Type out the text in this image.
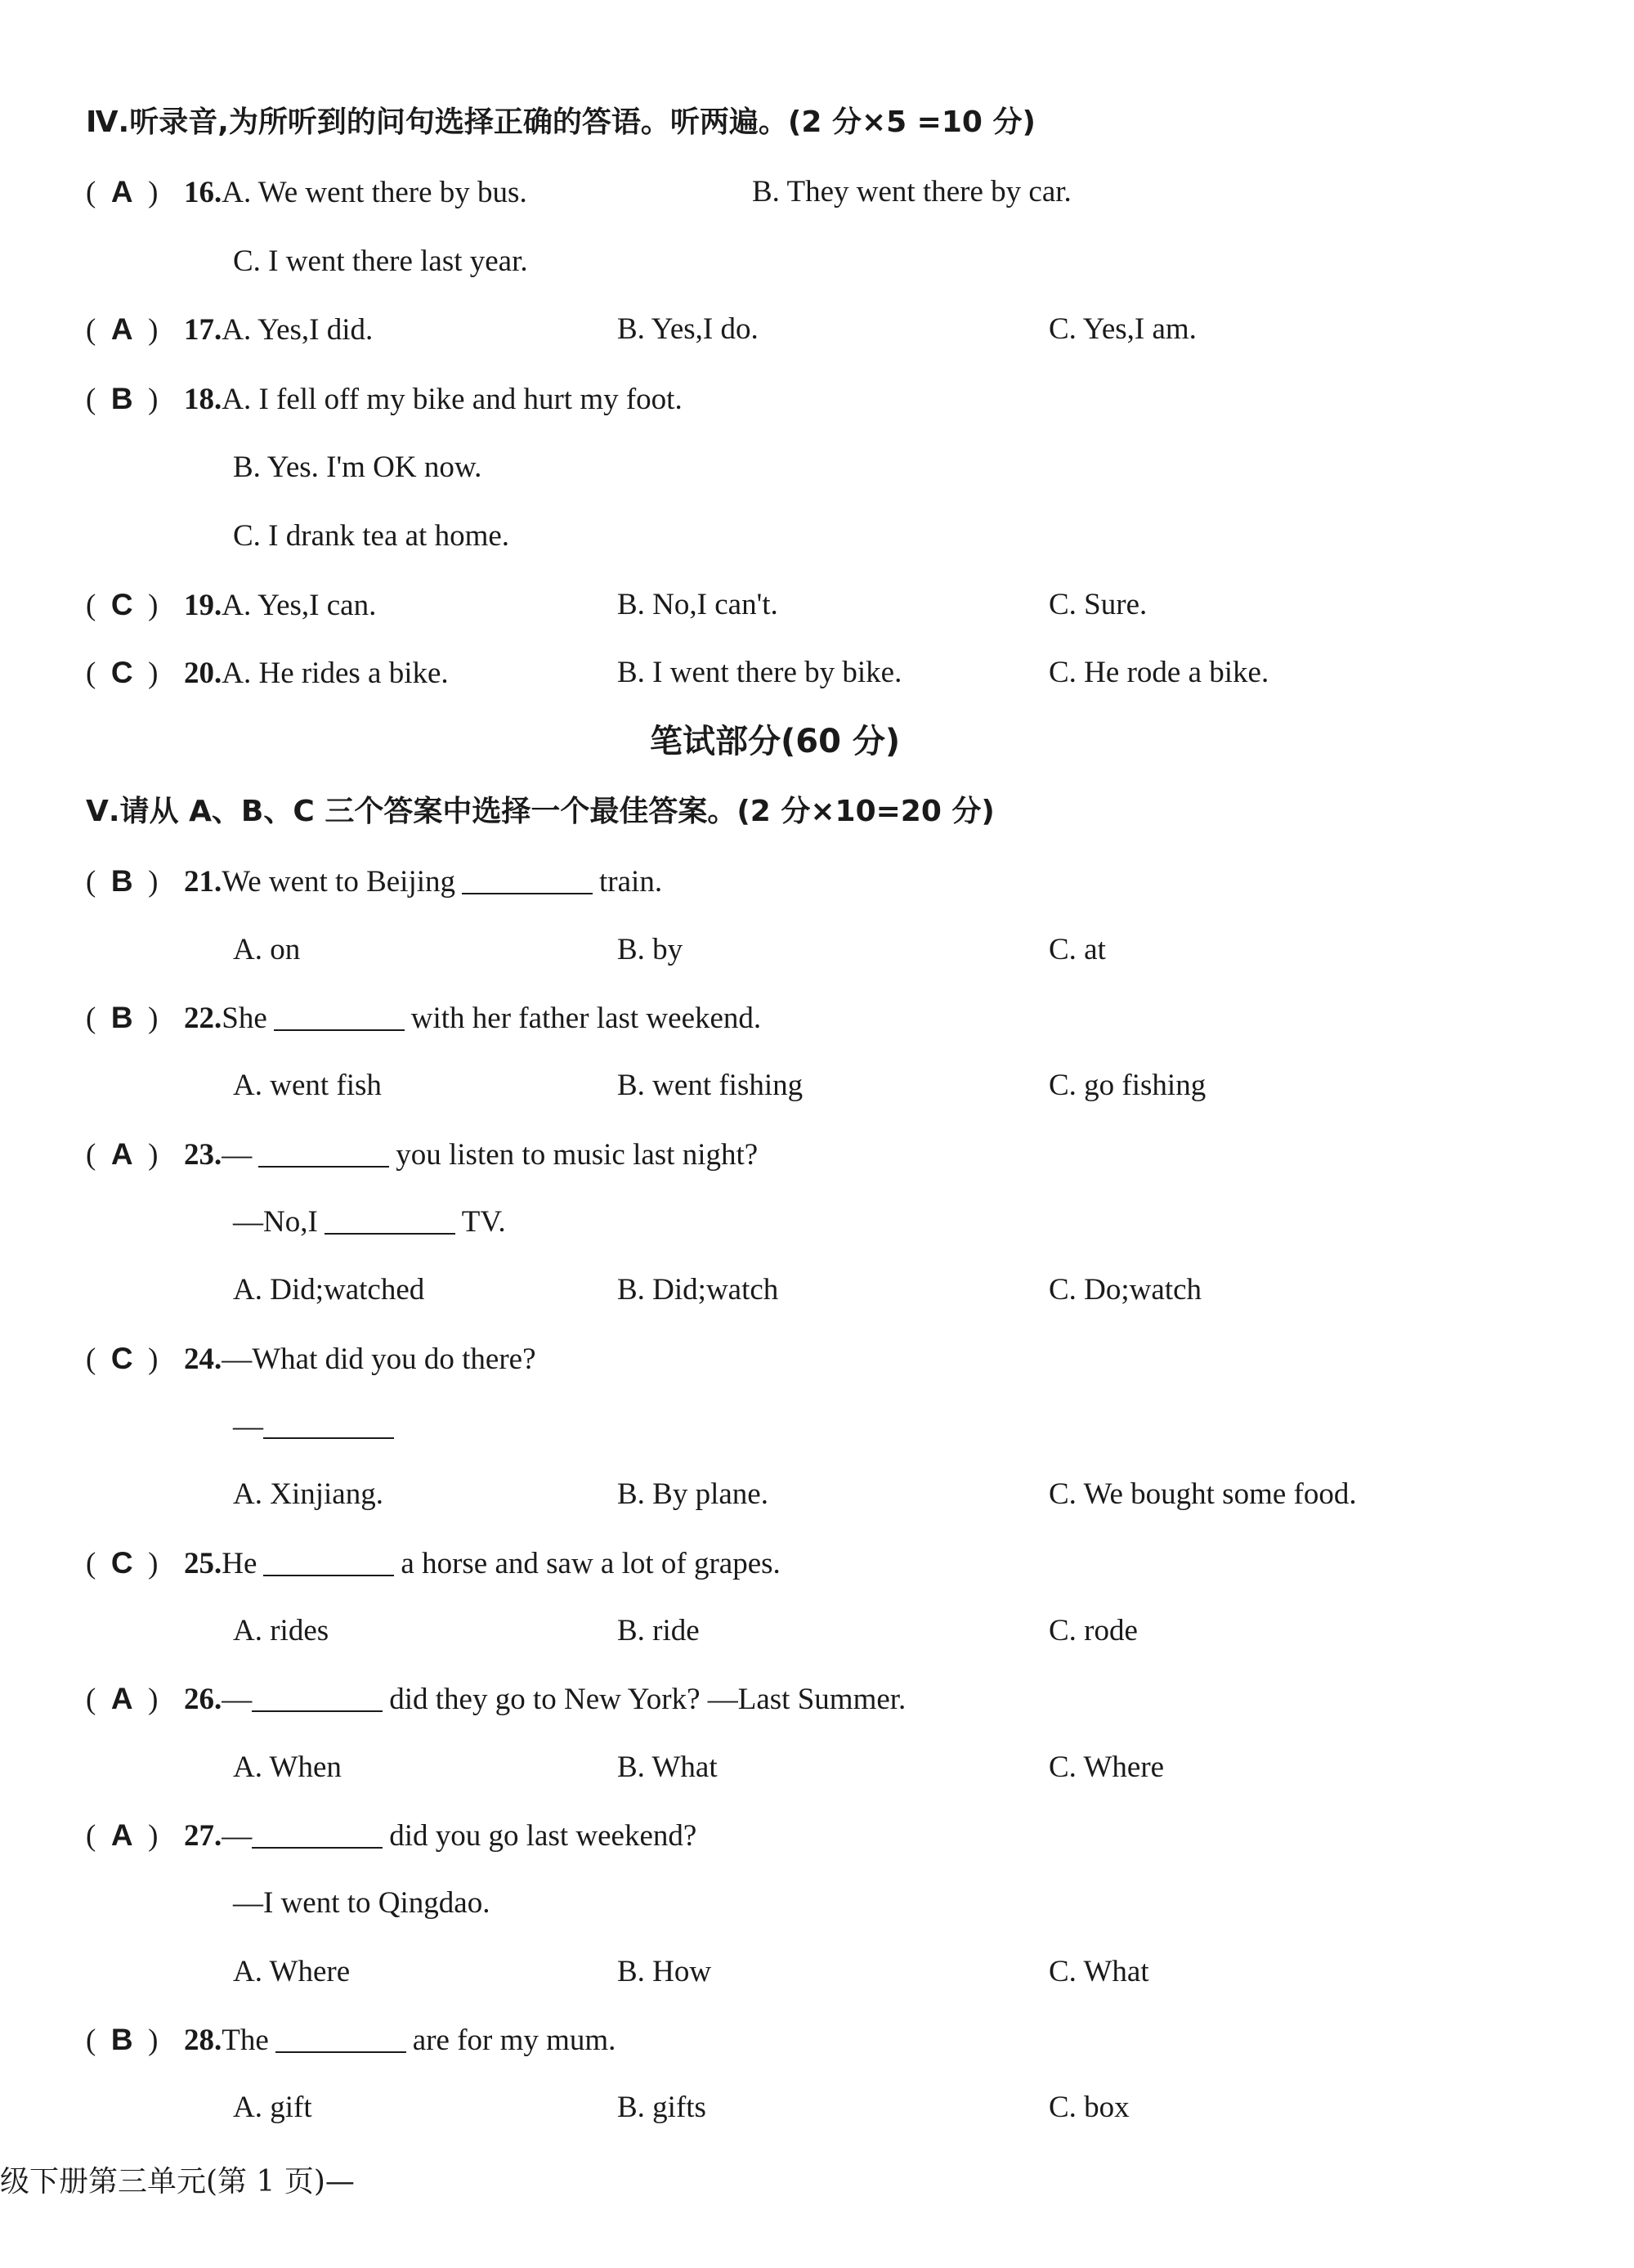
Ⅳ.听录音,为所听到的问句选择正确的答语。听两遍。(2 分×5 =10 分)
(  A  ) 16.A. We went there by bus.	B. They went there by car.
C. I went there last year.
(  A  ) 17.A. Yes,I did.	B. Yes,I do.	C. Yes,I am.
(  B  ) 18.A. I fell off my bike and hurt my foot.
B. Yes. I'm OK now.
C. I drank tea at home.
(  C  ) 19.A. Yes,I can.	B. No,I can't.	C. Sure.
(  C  ) 20.A. He rides a bike.	B. I went there by bike.	C. He rode a bike.
笔试部分(60 分)
Ⅴ.请从 A、B、C 三个答案中选择一个最佳答案。(2 分×10=20 分)
(  B  ) 21.We went to Beijing	train.
A. on	B. by	C. at
(  B  ) 22.She	with her father last weekend.
A. went fish	B. went fishing	C. go fishing
(  A  ) 23.—	you listen to music last night?
—No,I	TV.
A. Did;watched	B. Did;watch	C. Do;watch
(  C  ) 24.—What did you do there?
—
A. Xinjiang.	B. By plane.	C. We bought some food.
(  C  ) 25.He	a horse and saw a lot of grapes.
A. rides	B. ride	C. rode
(  A  ) 26.—	did they go to New York? —Last Summer.
A. When	B. What	C. Where
(  A  ) 27.—	did you go last weekend?
—I went to Qingdao.
A. Where	B. How	C. What
(  B  ) 28.The	are for my mum.
A. gift	B. gifts	C. box
级下册第三单元(第 1 页)—
